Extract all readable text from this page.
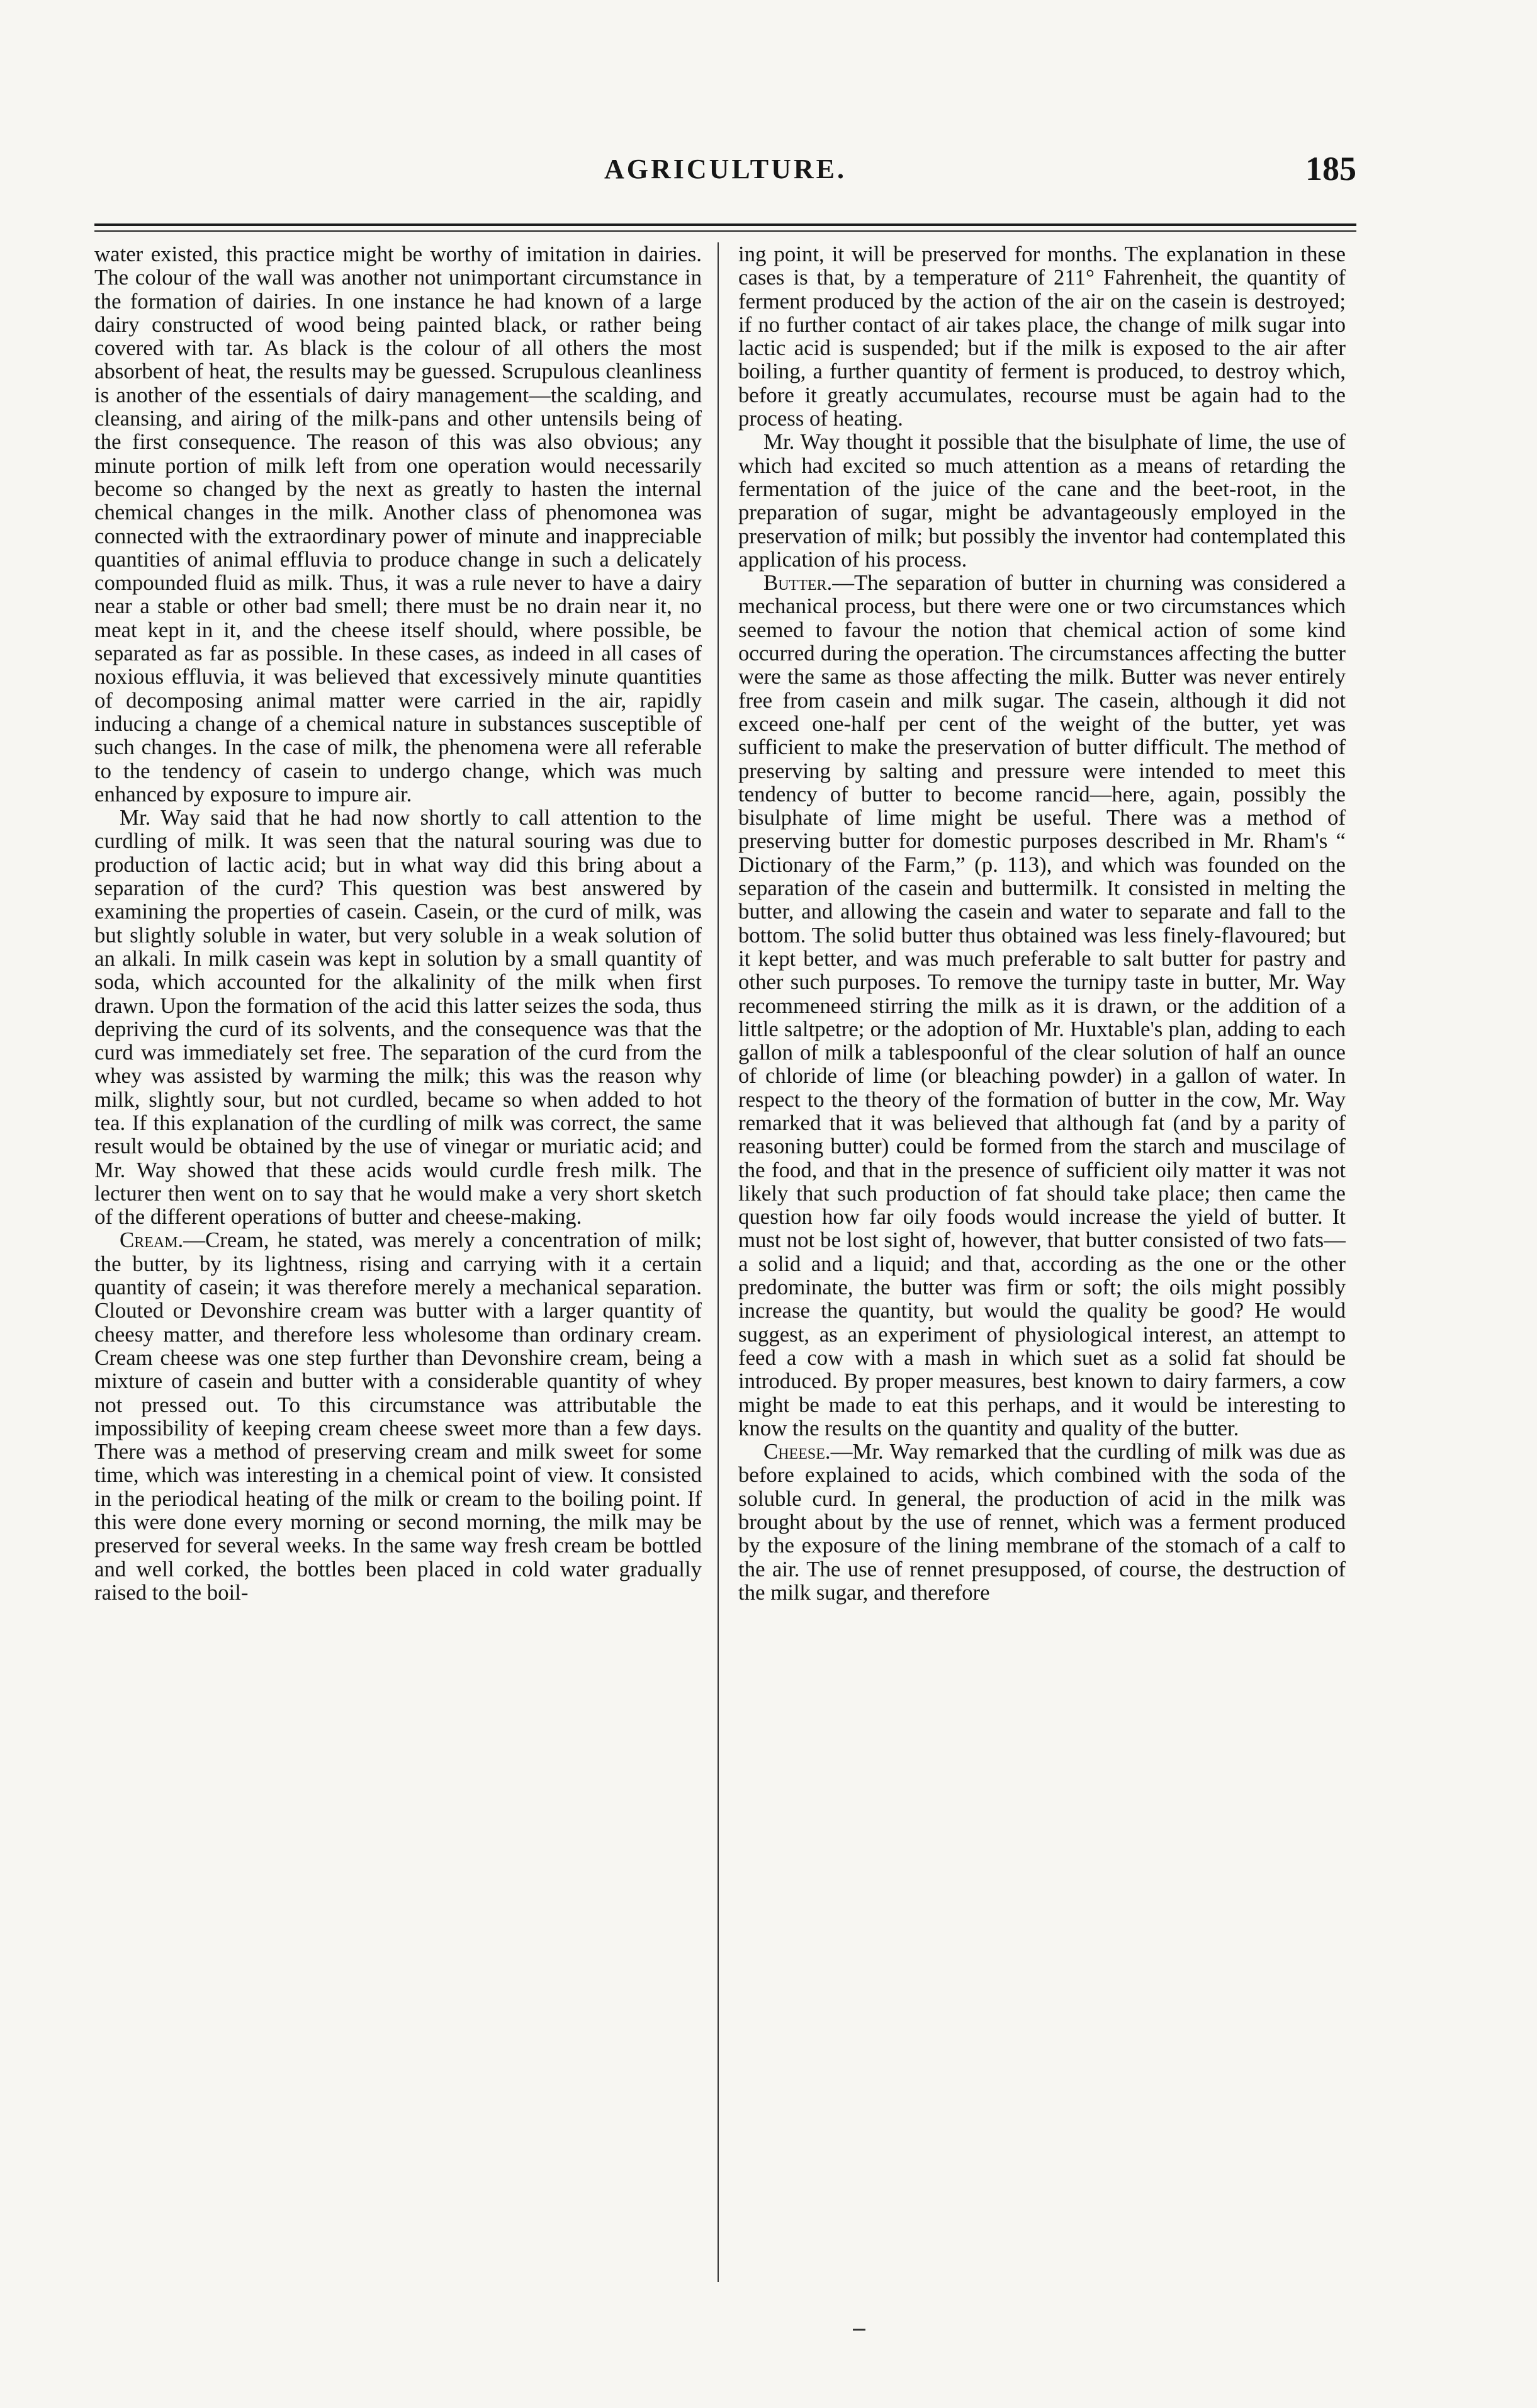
AGRICULTURE.	185

water existed, this practice might be worthy of imitation in dairies. The colour of the wall was another not unimportant circumstance in the formation of dairies. In one instance he had known of a large dairy constructed of wood being painted black, or rather being covered with tar. As black is the colour of all others the most absorbent of heat, the results may be guessed. Scrupulous cleanliness is another of the essentials of dairy management—the scalding, and cleansing, and airing of the milk-pans and other untensils being of the first consequence. The reason of this was also obvious; any minute portion of milk left from one operation would necessarily become so changed by the next as greatly to hasten the internal chemical changes in the milk. Another class of phenomonea was connected with the extraordinary power of minute and inappreciable quantities of animal effluvia to produce change in such a delicately compounded fluid as milk. Thus, it was a rule never to have a dairy near a stable or other bad smell; there must be no drain near it, no meat kept in it, and the cheese itself should, where possible, be separated as far as possible. In these cases, as indeed in all cases of noxious effluvia, it was believed that excessively minute quantities of decomposing animal matter were carried in the air, rapidly inducing a change of a chemical nature in substances susceptible of such changes. In the case of milk, the phenomena were all referable to the tendency of casein to undergo change, which was much enhanced by exposure to impure air.

Mr. Way said that he had now shortly to call attention to the curdling of milk. It was seen that the natural souring was due to production of lactic acid; but in what way did this bring about a separation of the curd? This question was best answered by examining the properties of casein. Casein, or the curd of milk, was but slightly soluble in water, but very soluble in a weak solution of an alkali. In milk casein was kept in solution by a small quantity of soda, which accounted for the alkalinity of the milk when first drawn. Upon the formation of the acid this latter seizes the soda, thus depriving the curd of its solvents, and the consequence was that the curd was immediately set free. The separation of the curd from the whey was assisted by warming the milk; this was the reason why milk, slightly sour, but not curdled, became so when added to hot tea. If this explanation of the curdling of milk was correct, the same result would be obtained by the use of vinegar or muriatic acid; and Mr. Way showed that these acids would curdle fresh milk. The lecturer then went on to say that he would make a very short sketch of the different operations of butter and cheese-making.

Cream.—Cream, he stated, was merely a concentration of milk; the butter, by its lightness, rising and carrying with it a certain quantity of casein; it was therefore merely a mechanical separation. Clouted or Devonshire cream was butter with a larger quantity of cheesy matter, and therefore less wholesome than ordinary cream. Cream cheese was one step further than Devonshire cream, being a mixture of casein and butter with a considerable quantity of whey not pressed out. To this circumstance was attributable the impossibility of keeping cream cheese sweet more than a few days. There was a method of preserving cream and milk sweet for some time, which was interesting in a chemical point of view. It consisted in the periodical heating of the milk or cream to the boiling point. If this were done every morning or second morning, the milk may be preserved for several weeks. In the same way fresh cream be bottled and well corked, the bottles been placed in cold water gradually raised to the boil-

ing point, it will be preserved for months. The explanation in these cases is that, by a temperature of 211° Fahrenheit, the quantity of ferment produced by the action of the air on the casein is destroyed; if no further contact of air takes place, the change of milk sugar into lactic acid is suspended; but if the milk is exposed to the air after boiling, a further quantity of ferment is produced, to destroy which, before it greatly accumulates, recourse must be again had to the process of heating.

Mr. Way thought it possible that the bisulphate of lime, the use of which had excited so much attention as a means of retarding the fermentation of the juice of the cane and the beet-root, in the preparation of sugar, might be advantageously employed in the preservation of milk; but possibly the inventor had contemplated this application of his process.

Butter.—The separation of butter in churning was considered a mechanical process, but there were one or two circumstances which seemed to favour the notion that chemical action of some kind occurred during the operation. The circumstances affecting the butter were the same as those affecting the milk. Butter was never entirely free from casein and milk sugar. The casein, although it did not exceed one-half per cent of the weight of the butter, yet was sufficient to make the preservation of butter difficult. The method of preserving by salting and pressure were intended to meet this tendency of butter to become rancid—here, again, possibly the bisulphate of lime might be useful. There was a method of preserving butter for domestic purposes described in Mr. Rham's “ Dictionary of the Farm,” (p. 113), and which was founded on the separation of the casein and buttermilk. It consisted in melting the butter, and allowing the casein and water to separate and fall to the bottom. The solid butter thus obtained was less finely-flavoured; but it kept better, and was much preferable to salt butter for pastry and other such purposes. To remove the turnipy taste in butter, Mr. Way recommeneed stirring the milk as it is drawn, or the addition of a little saltpetre; or the adoption of Mr. Huxtable's plan, adding to each gallon of milk a tablespoonful of the clear solution of half an ounce of chloride of lime (or bleaching powder) in a gallon of water. In respect to the theory of the formation of butter in the cow, Mr. Way remarked that it was believed that although fat (and by a parity of reasoning butter) could be formed from the starch and muscilage of the food, and that in the presence of sufficient oily matter it was not likely that such production of fat should take place; then came the question how far oily foods would increase the yield of butter. It must not be lost sight of, however, that butter consisted of two fats—a solid and a liquid; and that, according as the one or the other predominate, the butter was firm or soft; the oils might possibly increase the quantity, but would the quality be good? He would suggest, as an experiment of physiological interest, an attempt to feed a cow with a mash in which suet as a solid fat should be introduced. By proper measures, best known to dairy farmers, a cow might be made to eat this perhaps, and it would be interesting to know the results on the quantity and quality of the butter.

Cheese.—Mr. Way remarked that the curdling of milk was due as before explained to acids, which combined with the soda of the soluble curd. In general, the production of acid in the milk was brought about by the use of rennet, which was a ferment produced by the exposure of the lining membrane of the stomach of a calf to the air. The use of rennet presupposed, of course, the destruction of the milk sugar, and therefore
